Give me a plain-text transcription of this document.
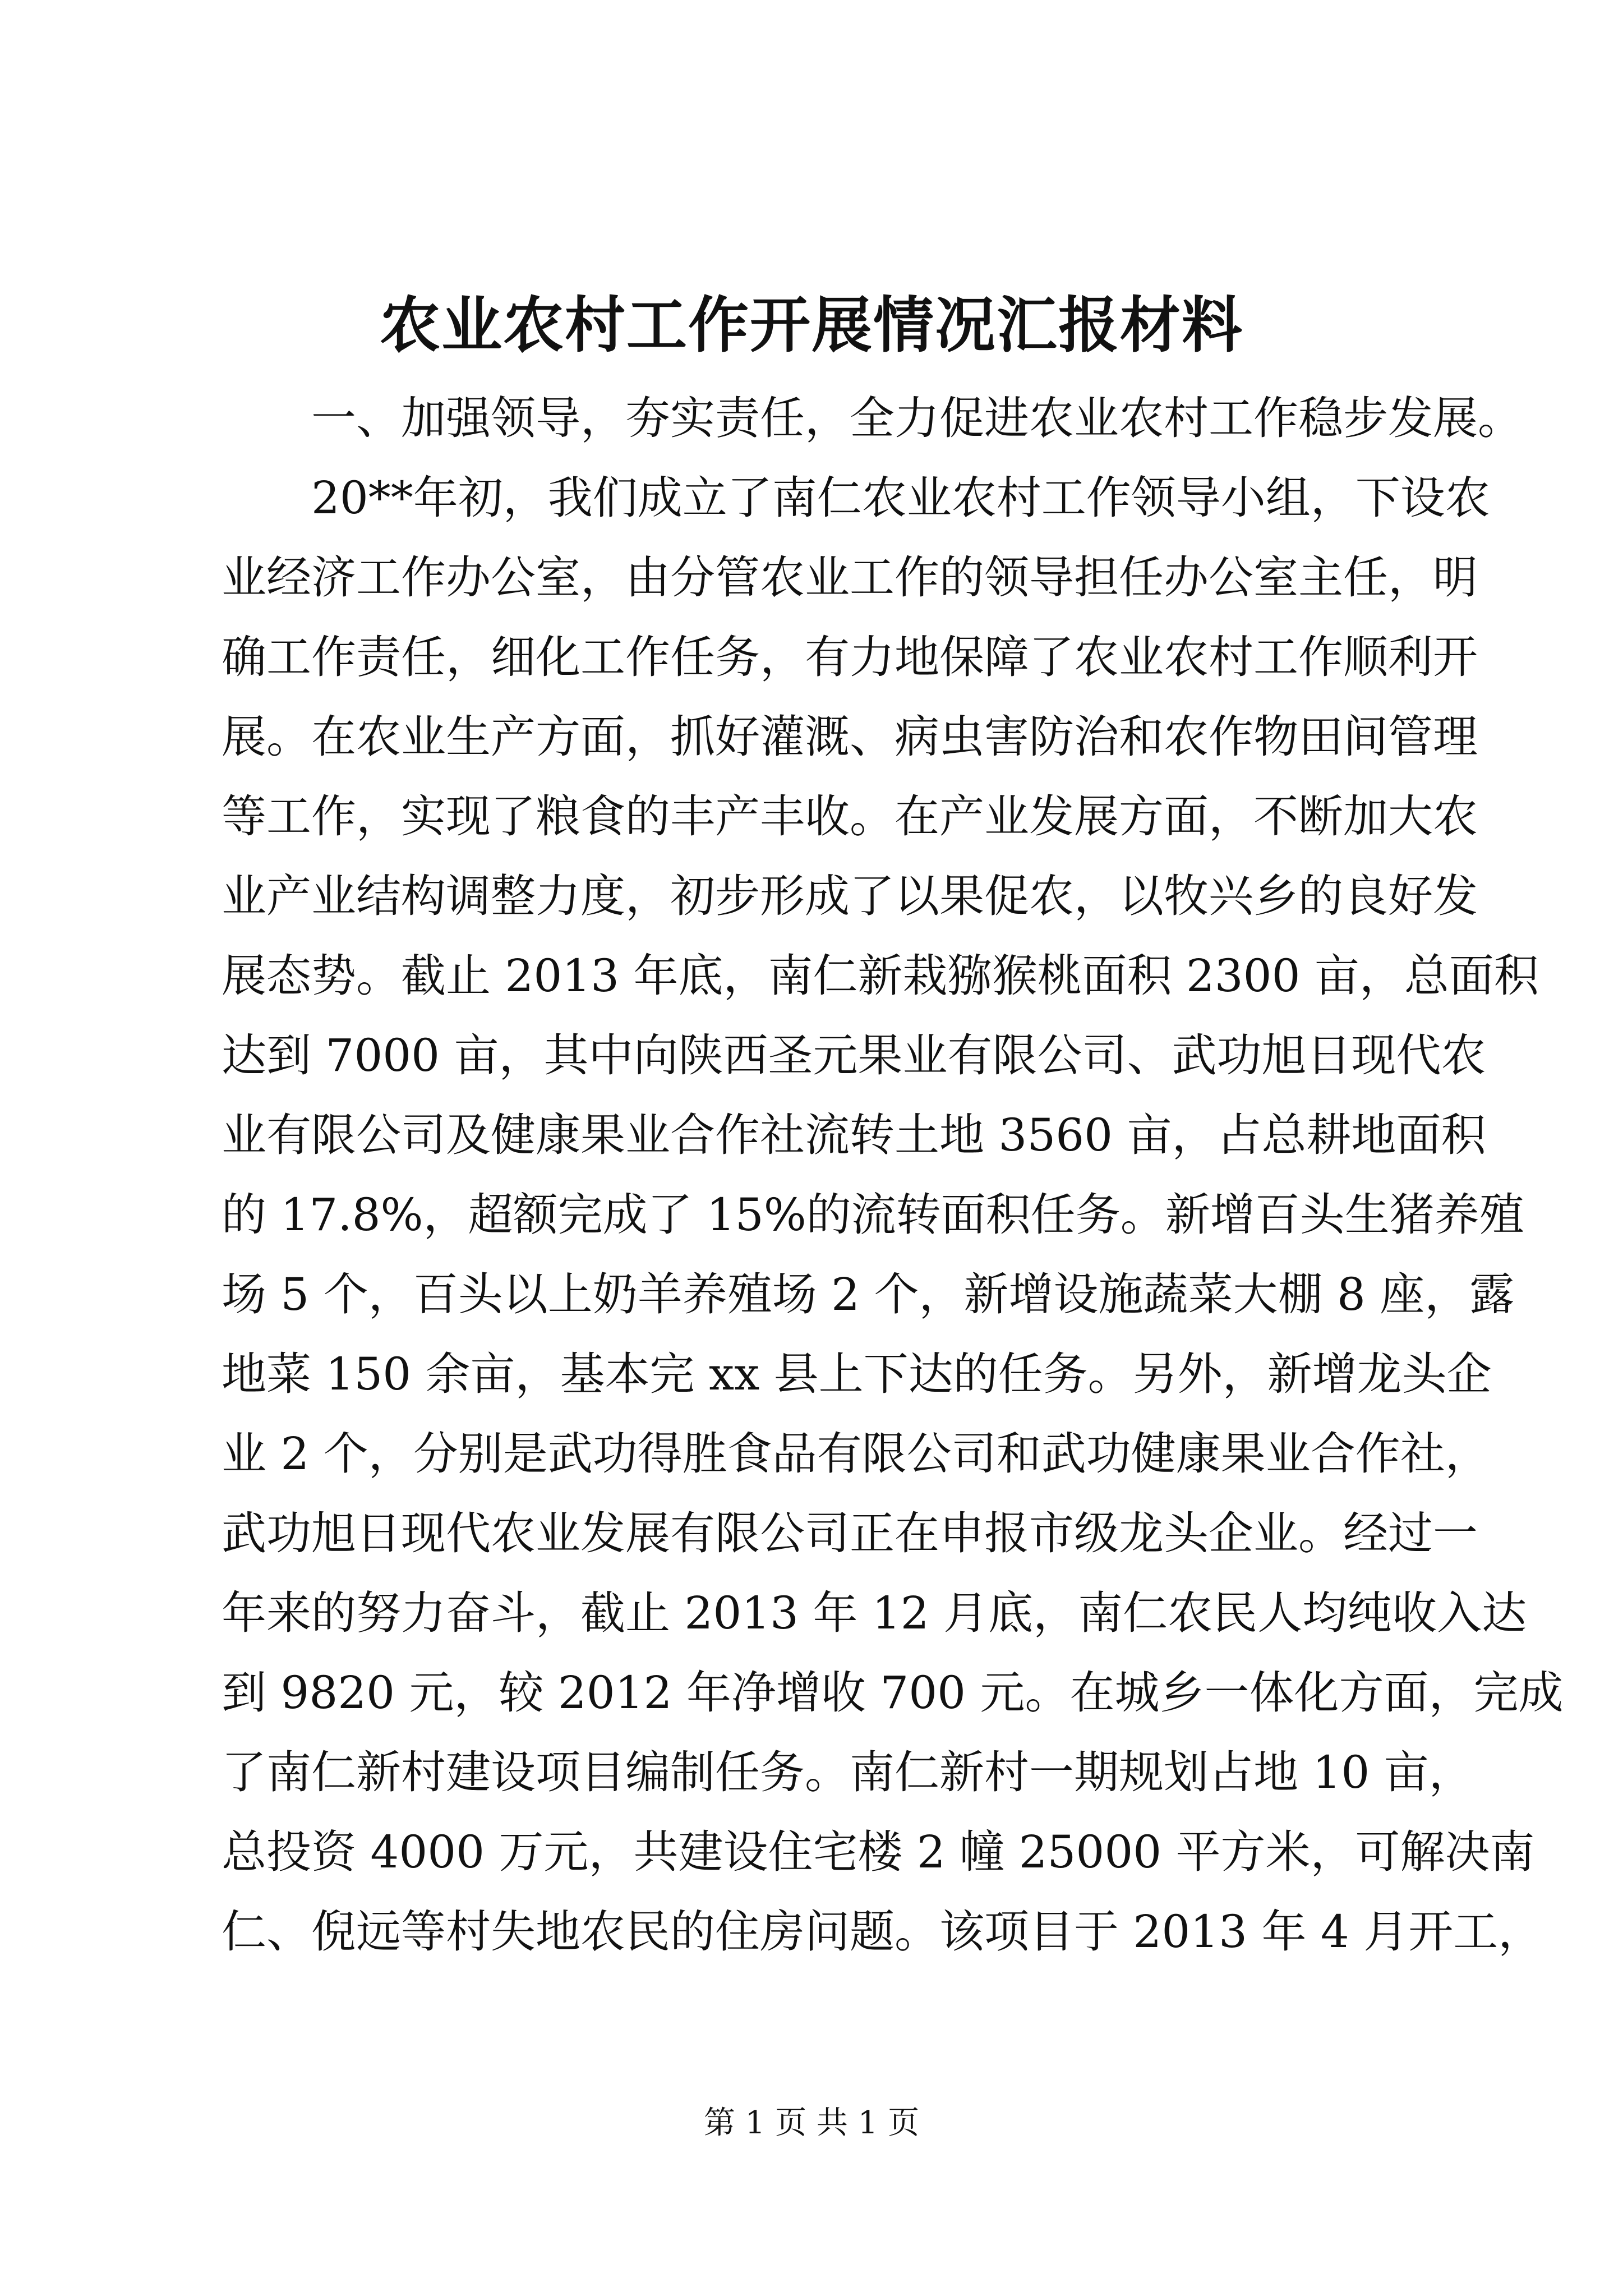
农业农村工作开展情况汇报材料
一、加强领导，夯实责任，全力促进农业农村工作稳步发展。
20**年初，我们成立了南仁农业农村工作领导小组，下设农
业经济工作办公室，由分管农业工作的领导担任办公室主任，明
确工作责任，细化工作任务，有力地保障了农业农村工作顺利开
展。在农业生产方面，抓好灌溉、病虫害防治和农作物田间管理
等工作，实现了粮食的丰产丰收。在产业发展方面，不断加大农
业产业结构调整力度，初步形成了以果促农，以牧兴乡的良好发
展态势。截止 2013 年底，南仁新栽猕猴桃面积 2300 亩，总面积
达到 7000 亩，其中向陕西圣元果业有限公司、武功旭日现代农
业有限公司及健康果业合作社流转土地 3560 亩，占总耕地面积
的 17.8%，超额完成了 15%的流转面积任务。新增百头生猪养殖
场 5 个，百头以上奶羊养殖场 2 个，新增设施蔬菜大棚 8 座，露
地菜 150 余亩，基本完 xx 县上下达的任务。另外，新增龙头企
业 2 个，分别是武功得胜食品有限公司和武功健康果业合作社，
武功旭日现代农业发展有限公司正在申报市级龙头企业。经过一
年来的努力奋斗，截止 2013 年 12 月底，南仁农民人均纯收入达
到 9820 元，较 2012 年净增收 700 元。在城乡一体化方面，完成
了南仁新村建设项目编制任务。南仁新村一期规划占地 10 亩，
总投资 4000 万元，共建设住宅楼 2 幢 25000 平方米，可解决南
仁、倪远等村失地农民的住房问题。该项目于 2013 年 4 月开工，
第 1 页 共 1 页
